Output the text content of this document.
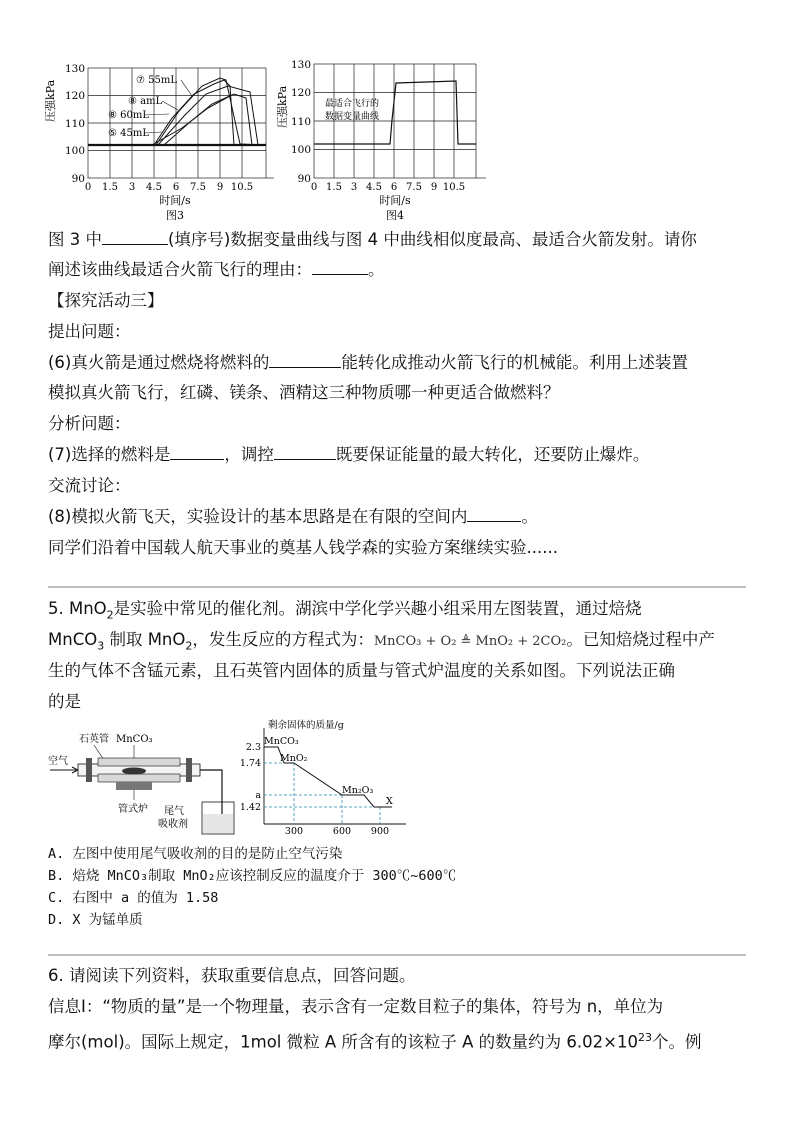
压强kPa
130
120
110
100
90
0 1.5 3 4.5 6 7.5 9 10.5
时间/s
图3
⑦ 55mL
⑧ amL
⑧ 60mL
⑤ 45mL
压强kPa
130
120
110
100
90
0 1.5 3 4.5 6 7.5 9 10.5
时间/s
图4
最适合飞行的
数据变量曲线
图 3 中	(填序号)数据变量曲线与图 4 中曲线相似度最高、最适合火箭发射。请你
阐述该曲线最适合火箭飞行的理由：	。
【探究活动三】
提出问题：
(6)真火箭是通过燃烧将燃料的	能转化成推动火箭飞行的机械能。利用上述装置
模拟真火箭飞行，红磷、镁条、酒精这三种物质哪一种更适合做燃料？
分析问题：
(7)选择的燃料是	，调控	既要保证能量的最大转化，还要防止爆炸。
交流讨论：
(8)模拟火箭飞天，实验设计的基本思路是在有限的空间内	。
同学们沿着中国载人航天事业的奠基人钱学森的实验方案继续实验......
5. MnO$_2$是实验中常见的催化剂。湖滨中学化学兴趣小组采用左图装置，通过焙烧
MnCO$_3$ 制取 MnO$_2$，发生反应的方程式为：MnCO₃ + O₂ ≜ MnO₂ + 2CO₂。已知焙烧过程中产
生的气体不含锰元素，且石英管内固体的质量与管式炉温度的关系如图。下列说法正确
的是
石英管 MnCO₃
空气
管式炉 尾气
吸收剂
剩余固体的质量/g
2.3
1.74
a
1.42
300	600 900
MnCO₃
MnO₂
Mn₂O₃
X
A. 左图中使用尾气吸收剂的目的是防止空气污染
B. 焙烧 MnCO₃制取 MnO₂应该控制反应的温度介于 300℃~600℃
C. 右图中 a 的值为 1.58
D. X 为锰单质
6. 请阅读下列资料，获取重要信息点，回答问题。
信息Ⅰ：“物质的量”是一个物理量，表示含有一定数目粒子的集体，符号为 n，单位为
摩尔(mol)。国际上规定，1mol 微粒 A 所含有的该粒子 A 的数量约为 $6.02\times 10^{23}$个。例
